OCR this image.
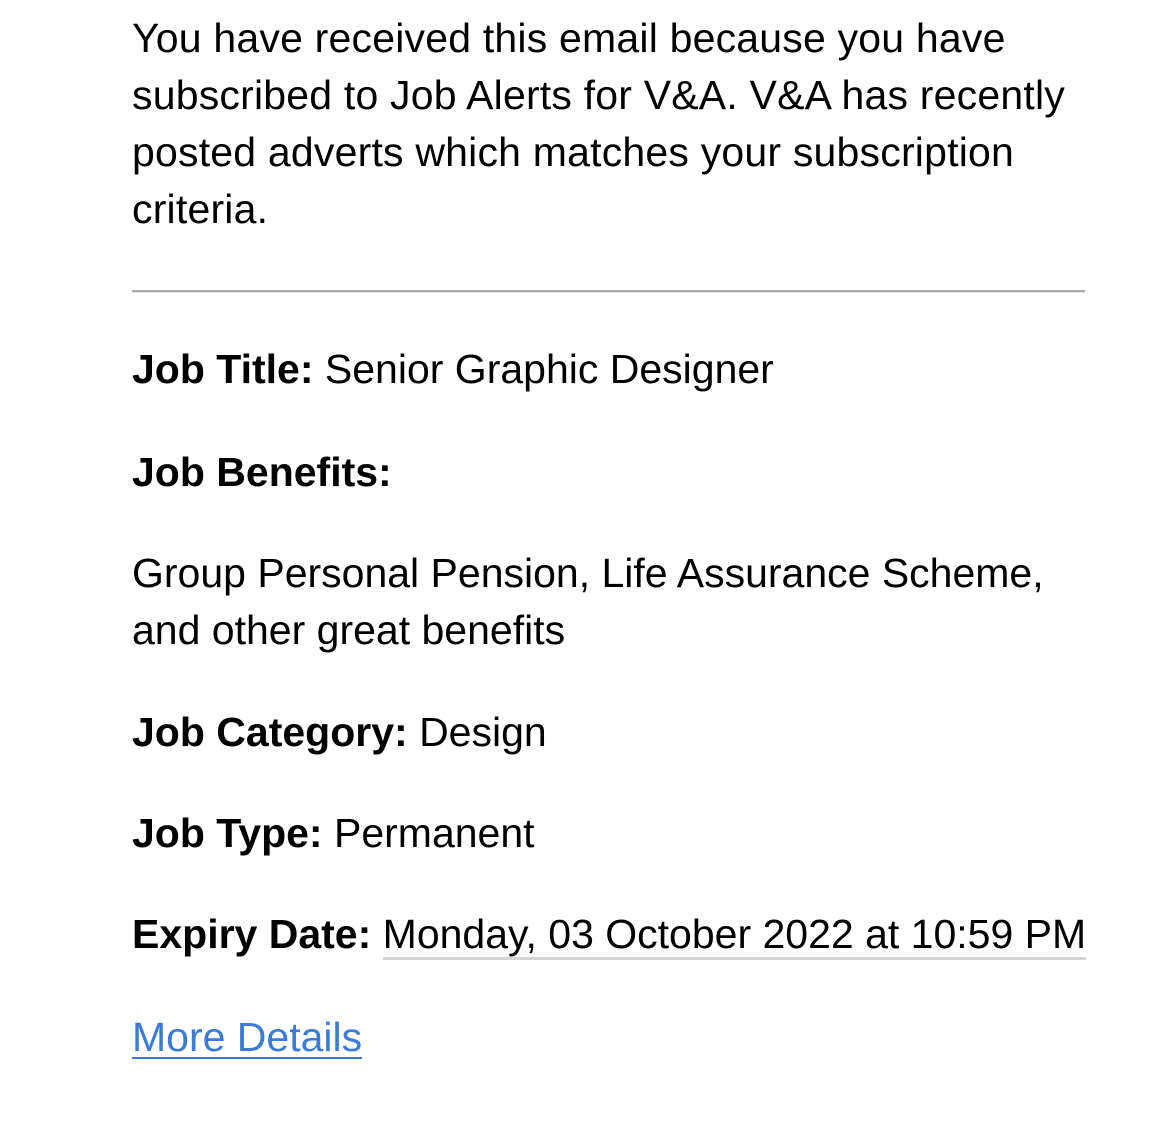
You have received this email because you have subscribed to Job Alerts for V&A. V&A has recently posted adverts which matches your subscription criteria.

Job Title: Senior Graphic Designer

Job Benefits:

Group Personal Pension, Life Assurance Scheme, and other great benefits

Job Category: Design

Job Type: Permanent

Expiry Date: Monday, 03 October 2022 at 10:59 PM

More Details
